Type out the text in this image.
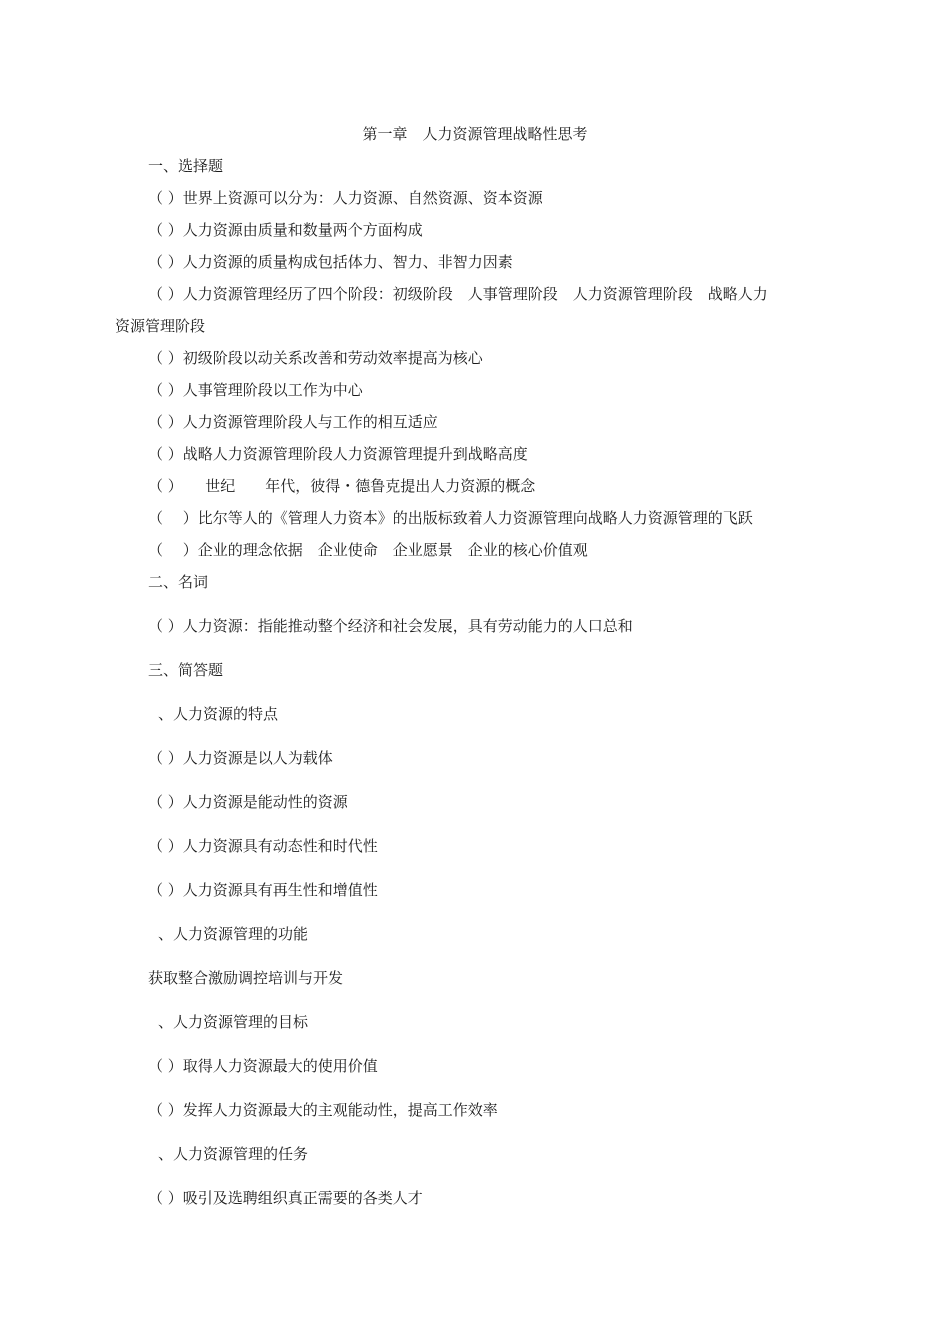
第一章　人力资源管理战略性思考
一、选择题
（ ）世界上资源可以分为：人力资源、自然资源、资本资源
（ ）人力资源由质量和数量两个方面构成
（ ）人力资源的质量构成包括体力、智力、非智力因素
（ ）人力资源管理经历了四个阶段：初级阶段　人事管理阶段　人力资源管理阶段　战略人力
资源管理阶段
（ ）初级阶段以动关系改善和劳动效率提高为核心
（ ）人事管理阶段以工作为中心
（ ）人力资源管理阶段人与工作的相互适应
（ ）战略人力资源管理阶段人力资源管理提升到战略高度
（ ）　　世纪　　年代，彼得・德鲁克提出人力资源的概念
（　 ）比尔等人的《管理人力资本》的出版标致着人力资源管理向战略人力资源管理的飞跃
（　 ）企业的理念依据　企业使命　企业愿景　企业的核心价值观
二、名词
（ ）人力资源：指能推动整个经济和社会发展，具有劳动能力的人口总和
三、简答题
、人力资源的特点
（ ）人力资源是以人为载体
（ ）人力资源是能动性的资源
（ ）人力资源具有动态性和时代性
（ ）人力资源具有再生性和增值性
、人力资源管理的功能
获取整合激励调控培训与开发
、人力资源管理的目标
（ ）取得人力资源最大的使用价值
（ ）发挥人力资源最大的主观能动性，提高工作效率
、人力资源管理的任务
（ ）吸引及选聘组织真正需要的各类人才
